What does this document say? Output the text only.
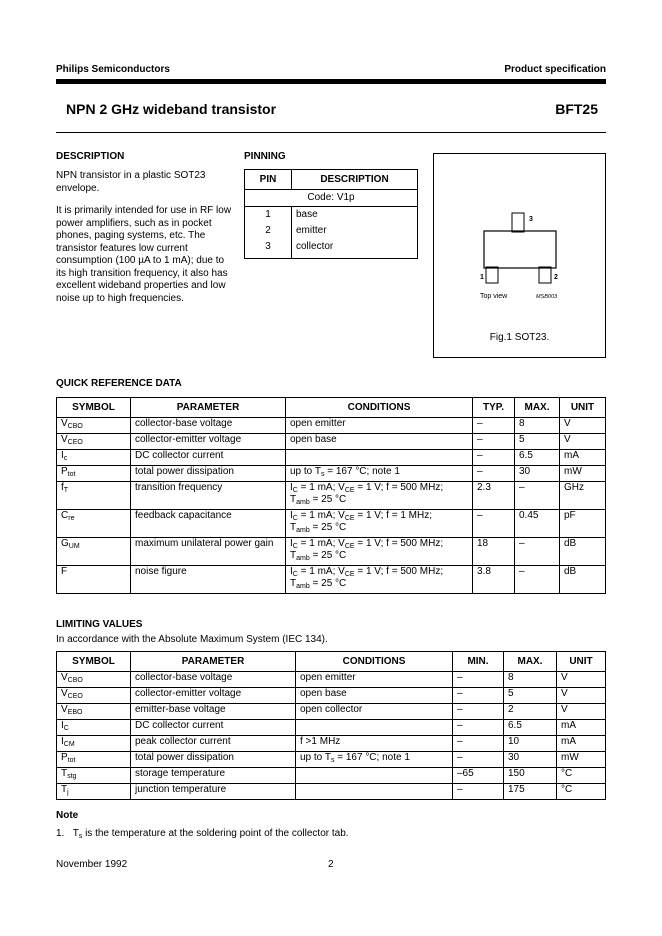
Philips Semiconductors	Product specification
NPN 2 GHz wideband transistor	BFT25
DESCRIPTION
NPN transistor in a plastic SOT23 envelope.
It is primarily intended for use in RF low power amplifiers, such as in pocket phones, paging systems, etc. The transistor features low current consumption (100 µA to 1 mA); due to its high transition frequency, it also has excellent wideband properties and low noise up to high frequencies.
PINNING
PIN	DESCRIPTION
Code: V1p	
1	base
2	emitter
3	collector
3
1	2
Top view	MSB003
Fig.1 SOT23.
QUICK REFERENCE DATA
SYMBOL	PARAMETER	CONDITIONS	TYP.	MAX.	UNIT
$V_{CBO}$	collector-base voltage	open emitter	–	8	V
$V_{CEO}$	collector-emitter voltage	open base	–	5	V
$I_c$	DC collector current		–	6.5	mA
$P_{tot}$	total power dissipation	up to $T_s = 167$ °C; note 1	–	30	mW
$f_T$	transition frequency	$I_C = 1$ mA; $V_{CE} = 1$ V; f = 500 MHz;
$T_{amb} = 25$ °C	2.3	–	GHz
$C_{re}$	feedback capacitance	$I_C = 1$ mA; $V_{CE} = 1$ V; f = 1 MHz;
$T_{amb} = 25$ °C	–	0.45	pF
$G_{UM}$	maximum unilateral power gain	$I_C = 1$ mA; $V_{CE} = 1$ V; f = 500 MHz;
$T_{amb} = 25$ °C	18	–	dB
F	noise figure	$I_C = 1$ mA; $V_{CE} = 1$ V; f = 500 MHz;
$T_{amb} = 25$ °C	3.8	–	dB
LIMITING VALUES
In accordance with the Absolute Maximum System (IEC 134).
SYMBOL	PARAMETER	CONDITIONS	MIN.	MAX.	UNIT
$V_{CBO}$	collector-base voltage	open emitter	–	8	V
$V_{CEO}$	collector-emitter voltage	open base	–	5	V
$V_{EBO}$	emitter-base voltage	open collector	–	2	V
$I_C$	DC collector current		–	6.5	mA
$I_{CM}$	peak collector current	f >1 MHz	–	10	mA
$P_{tot}$	total power dissipation	up to $T_s = 167$ °C; note 1	–	30	mW
$T_{stg}$	storage temperature		–65	150	°C
$T_j$	junction temperature		–	175	°C
Note
1. $T_s$ is the temperature at the soldering point of the collector tab.
November 1992	2
